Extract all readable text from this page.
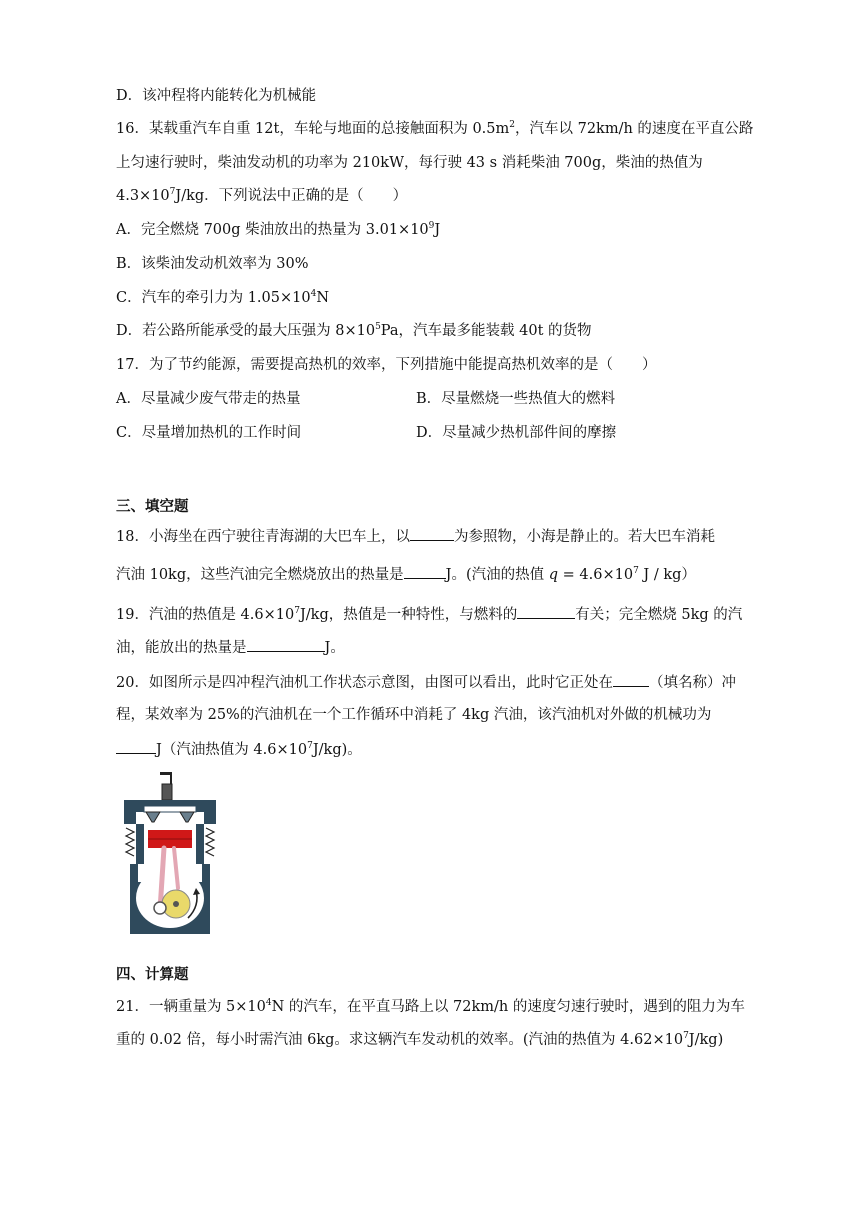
D．该冲程将内能转化为机械能
16．某载重汽车自重 12t，车轮与地面的总接触面积为 $0.5m^2$，汽车以 72km/h 的速度在平直公路
上匀速行驶时，柴油发动机的功率为 210kW，每行驶 43 s 消耗柴油 700g，柴油的热值为
$4.3\times 10^7J/kg$．下列说法中正确的是（　　）
A．完全燃烧 700g 柴油放出的热量为 $3.01\times 10^9J$
B．该柴油发动机效率为 30%
C．汽车的牵引力为 $1.05\times 10^4N$
D．若公路所能承受的最大压强为 $8\times 10^5Pa$，汽车最多能装载 40t 的货物
17．为了节约能源，需要提高热机的效率，下列措施中能提高热机效率的是（　　）
A．尽量减少废气带走的热量	B．尽量燃烧一些热值大的燃料
C．尽量增加热机的工作时间	D．尽量减少热机部件间的摩擦
三、填空题
18．小海坐在西宁驶往青海湖的大巴车上，以	为参照物，小海是静止的。若大巴车消耗
汽油 10kg，这些汽油完全燃烧放出的热量是	J。(汽油的热值 $q = 4.6\times 10^7$ J / kg）
19．汽油的热值是 $4.6\times 10^7J/kg$，热值是一种特性，与燃料的	有关；完全燃烧 5kg 的汽
油，能放出的热量是	J。
20．如图所示是四冲程汽油机工作状态示意图，由图可以看出，此时它正处在 （填名称）冲
程，某效率为 25%的汽油机在一个工作循环中消耗了 4kg 汽油，该汽油机对外做的机械功为
J（汽油热值为 $4.6\times 10^7J/kg$)。
四、计算题
21．一辆重量为 $5\times 10^4N$ 的汽车，在平直马路上以 72km/h 的速度匀速行驶时，遇到的阻力为车
重的 0.02 倍，每小时需汽油 6kg。求这辆汽车发动机的效率。(汽油的热值为 $4.62\times 10^7J/kg$)
